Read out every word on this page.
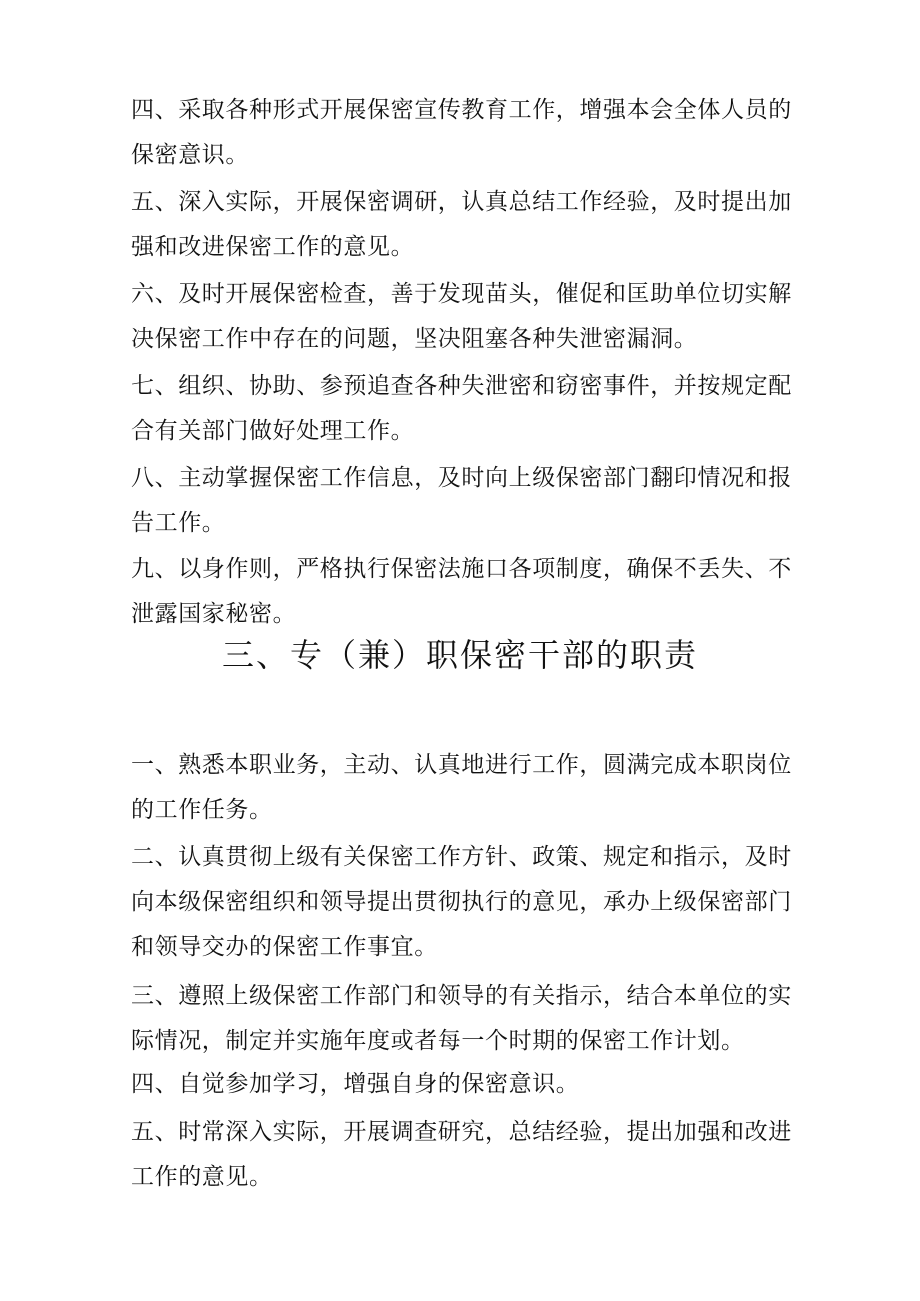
四、采取各种形式开展保密宣传教育工作，增强本会全体人员的保密意识。

五、深入实际，开展保密调研，认真总结工作经验，及时提出加强和改进保密工作的意见。

六、及时开展保密检查，善于发现苗头，催促和匡助单位切实解决保密工作中存在的问题，坚决阻塞各种失泄密漏洞。

七、组织、协助、参预追查各种失泄密和窃密事件，并按规定配合有关部门做好处理工作。

八、主动掌握保密工作信息，及时向上级保密部门翻印情况和报告工作。

九、以身作则，严格执行保密法施口各项制度，确保不丢失、不泄露国家秘密。

三、专（兼）职保密干部的职责

一、熟悉本职业务，主动、认真地进行工作，圆满完成本职岗位的工作任务。

二、认真贯彻上级有关保密工作方针、政策、规定和指示，及时向本级保密组织和领导提出贯彻执行的意见，承办上级保密部门和领导交办的保密工作事宜。

三、遵照上级保密工作部门和领导的有关指示，结合本单位的实际情况，制定并实施年度或者每一个时期的保密工作计划。

四、自觉参加学习，增强自身的保密意识。

五、时常深入实际，开展调查研究，总结经验，提出加强和改进工作的意见。
